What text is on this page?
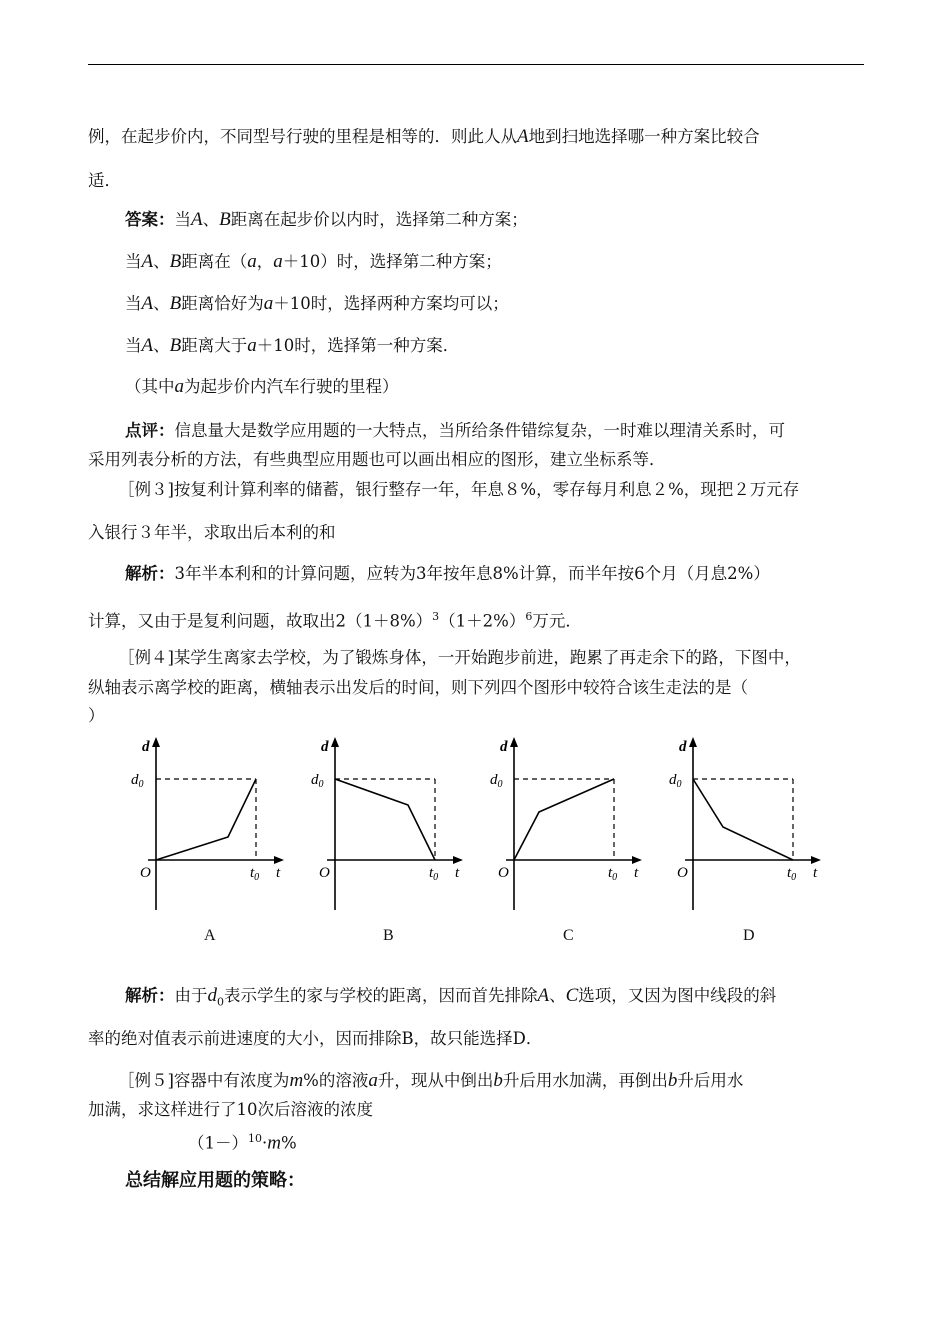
例，在起步价内，不同型号行驶的里程是相等的．则此人从A地到扫地选择哪一种方案比较合
适．
答案：当A、B距离在起步价以内时，选择第二种方案；
当A、B距离在（a，a＋10）时，选择第二种方案；
当A、B距离恰好为a＋10时，选择两种方案均可以；
当A、B距离大于a＋10时，选择第一种方案．
（其中a为起步价内汽车行驶的里程）
点评：信息量大是数学应用题的一大特点，当所给条件错综复杂，一时难以理清关系时，可
采用列表分析的方法，有些典型应用题也可以画出相应的图形，建立坐标系等．
［例３]按复利计算利率的储蓄，银行整存一年，年息８%，零存每月利息２%，现把２万元存
入银行３年半，求取出后本利的和
解析：3年半本利和的计算问题，应转为3年按年息8%计算，而半年按6个月（月息2%）
计算，又由于是复利问题，故取出$2(1+8\%)^3(1+2\%)^6$万元．
［例４]某学生离家去学校，为了锻炼身体，一开始跑步前进，跑累了再走余下的路，下图中，
纵轴表示离学校的距离，横轴表示出发后的时间，则下列四个图形中较符合该生走法的是（
）
d
$d_0$
O	$t_0$ t
d
$d_0$
O	$t_0$ t
d
$d_0$
O	$t_0$ t
d
$d_0$
O	$t_0$ t
A	B	C	D
解析：由于$d_0$表示学生的家与学校的距离，因而首先排除A、C选项，又因为图中线段的斜
率的绝对值表示前进速度的大小，因而排除B，故只能选择D．
［例５]容器中有浓度为m%的溶液a升，现从中倒出b升后用水加满，再倒出b升后用水
加满，求这样进行了10次后溶液的浓度
$(1-)^{10}\cdot m\%$
总结解应用题的策略：
